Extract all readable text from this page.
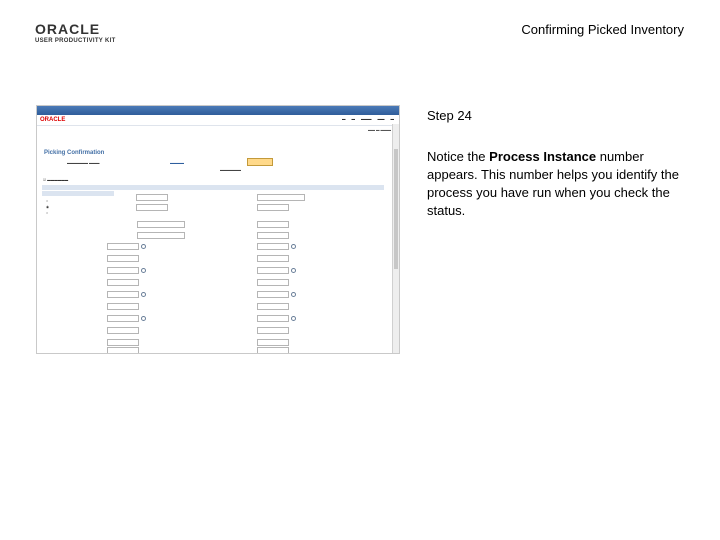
ORACLE
USER PRODUCTIVITY KIT
Confirming Picked Inventory
ORACLE	▬ ▬ ▬▬▬ ▬▬ ▬
▬▬ ▬ ▬▬▬
Picking Confirmation
▬▬▬▬▬▬ ▬▬▬	▬▬▬▬
▬▬▬▬▬▬
☑ ▬▬▬▬▬▬
○
◉
○
Step 24
Notice the Process Instance number appears. This number helps you identify the process you have run when you check the status.
